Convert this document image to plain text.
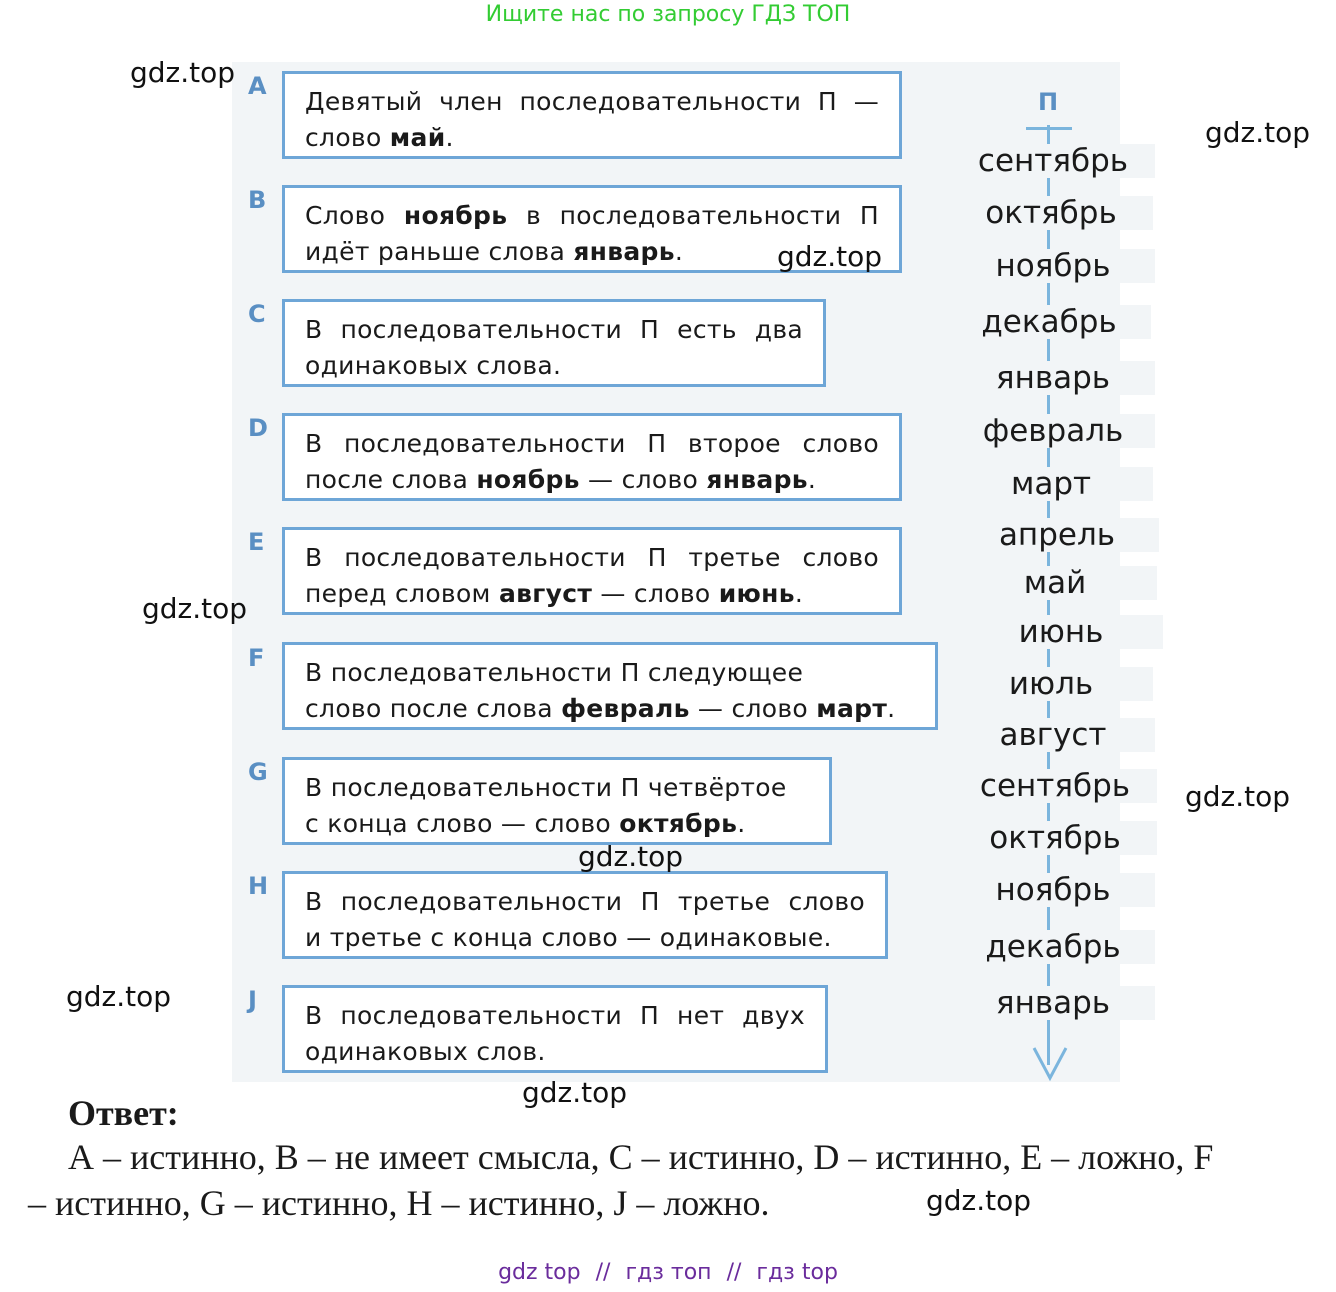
Ищите нас по запросу ГДЗ ТОП
A
B
C
D
E
F
G
H
J
Девятый член последовательности П —
слово май.
Слово ноябрь в последовательности П
идёт раньше слова январь.
В последовательности П есть два
одинаковых слова.
В последовательности П второе слово
после слова ноябрь — слово январь.
В последовательности П третье слово
перед словом август — слово июнь.
В последовательности П следующее
слово после слова февраль — слово март.
В последовательности П четвёртое
с конца слово — слово октябрь.
В последовательности П третье слово
и третье с конца слово — одинаковые.
В последовательности П нет двух
одинаковых слов.
П
сентябрь
октябрь
ноябрь
декабрь
январь
февраль
март
апрель
май
июнь
июль
август
сентябрь
октябрь
ноябрь
декабрь
январь
gdz.top
gdz.top
gdz.top
gdz.top
gdz.top
gdz.top
gdz.top
gdz.top
gdz.top
Ответ:
А – истинно, В – не имеет смысла, С – истинно, D – истинно, Е – ложно, F
– истинно, G – истинно, Н – истинно, J – ложно.
gdz top // гдз топ // гдз top
